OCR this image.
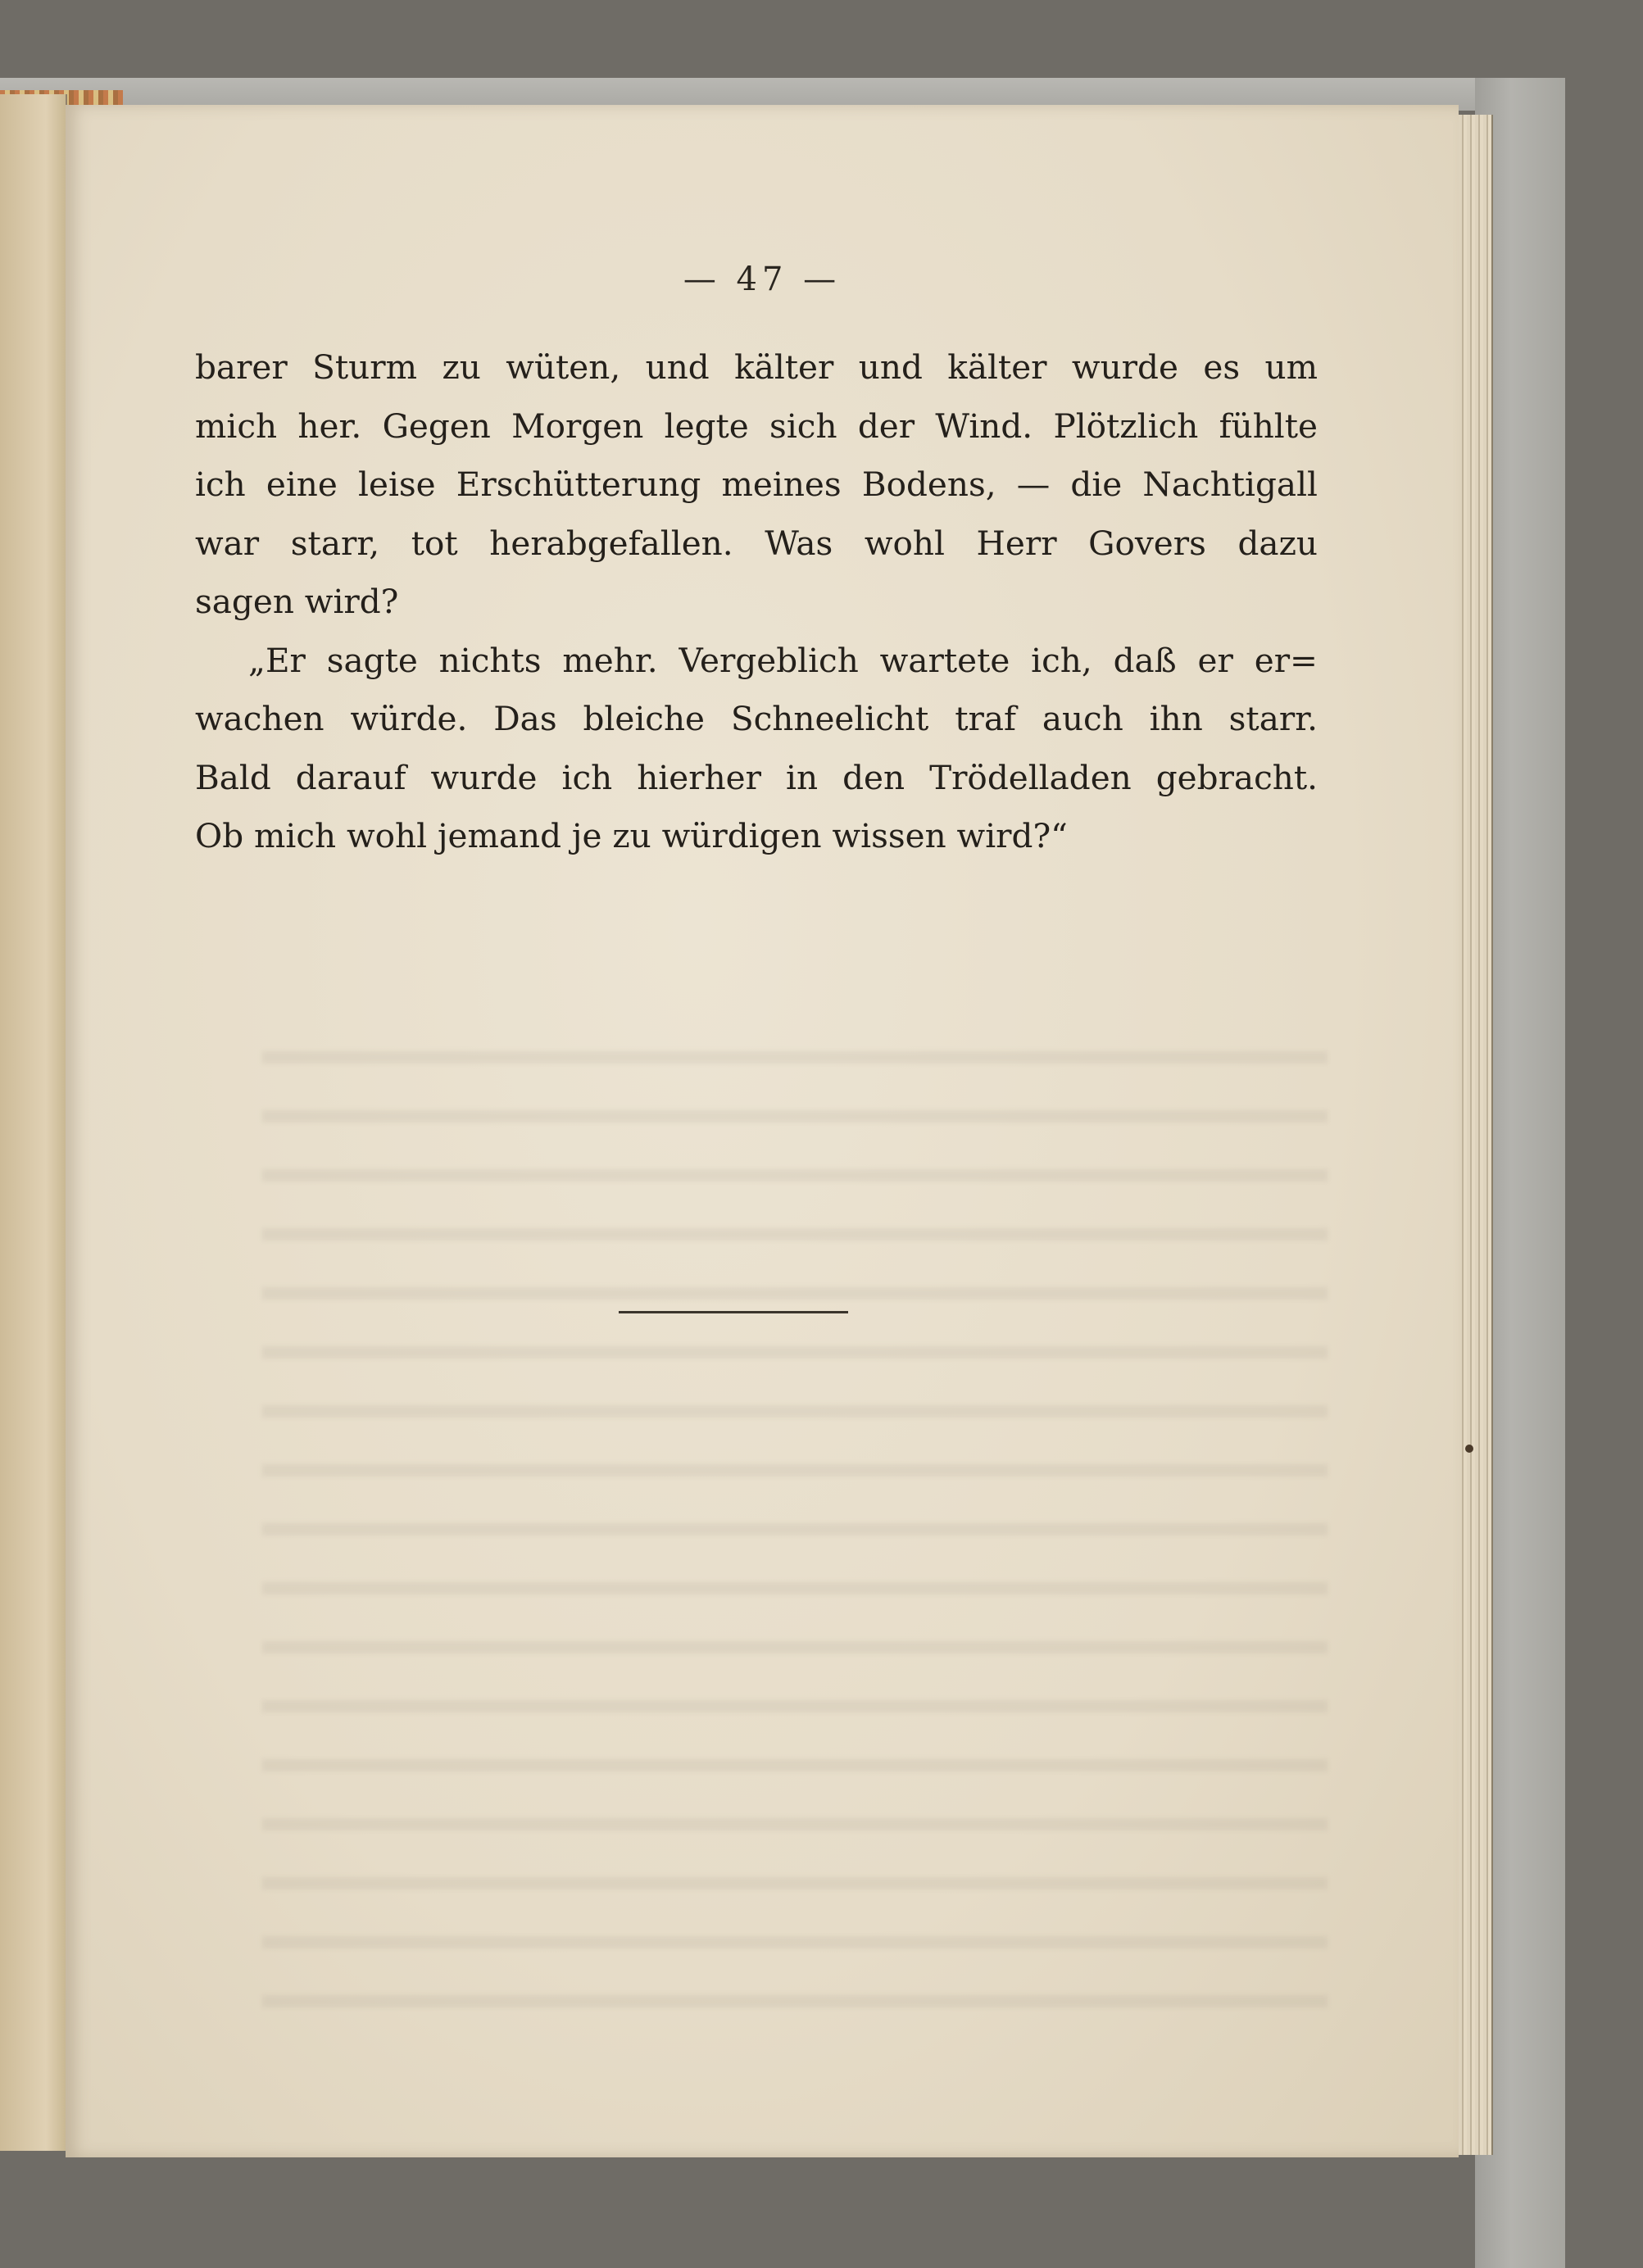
— 47 —
barer Sturm zu wüten, und kälter und kälter wurde es um
mich her. Gegen Morgen legte sich der Wind. Plötzlich fühlte
ich eine leise Erschütterung meines Bodens, — die Nachtigall
war starr, tot herabgefallen. Was wohl Herr Govers dazu
sagen wird?
„Er sagte nichts mehr. Vergeblich wartete ich, daß er er=
wachen würde. Das bleiche Schneelicht traf auch ihn starr.
Bald darauf wurde ich hierher in den Trödelladen gebracht.
Ob mich wohl jemand je zu würdigen wissen wird?“
